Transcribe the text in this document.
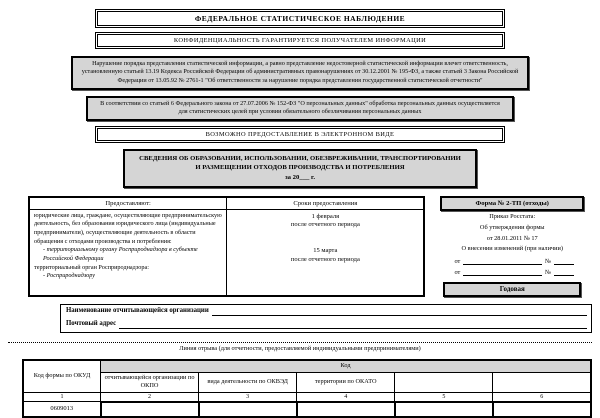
ФЕДЕРАЛЬНОЕ СТАТИСТИЧЕСКОЕ НАБЛЮДЕНИЕ
КОНФИДЕНЦИАЛЬНОСТЬ ГАРАНТИРУЕТСЯ ПОЛУЧАТЕЛЕМ ИНФОРМАЦИИ
Нарушение порядка представления статистической информации, а равно представление недостоверной статистической информации влечет ответственность, установленную статьей 13.19 Кодекса Российской Федерации об административных правонарушениях от 30.12.2001 № 195-ФЗ, а также статьей 3 Закона Российской Федерации от 13.05.92 № 2761-1 "Об ответственности за нарушение порядка представления государственной статистической отчетности"
В соответствии со статьей 6 Федерального закона от 27.07.2006 № 152-ФЗ "О персональных данных" обработка персональных данных осуществляется для статистических целей при условии обязательного обезличивания персональных данных
ВОЗМОЖНО ПРЕДОСТАВЛЕНИЕ В ЭЛЕКТРОННОМ ВИДЕ
СВЕДЕНИЯ ОБ ОБРАЗОВАНИИ, ИСПОЛЬЗОВАНИИ, ОБЕЗВРЕЖИВАНИИ, ТРАНСПОРТИРОВАНИИ
И РАЗМЕЩЕНИИ ОТХОДОВ ПРОИЗВОДСТВА И ПОТРЕБЛЕНИЯ
за 20___ г.
Предоставляют:	Сроки предоставления

юридические лица, граждане, осуществляющие предпринимательскую деятельность, без образования юридического лица (индивидуальные предприниматели), осуществляющие деятельность в области обращения с отходами производства и потребления:
- территориальному органу Росприроднадзора в субъекте Российской Федерации
территориальный орган Росприроднадзора:
- Росприроднадзору

1 февраля
после отчетного периода
15 марта
после отчетного периода
Форма № 2-ТП (отходы)
Приказ Росстата:
Об утверждении формы
от 28.01.2011 № 17
О внесении изменений (при наличии)
от	№
от	№
Годовая
Наименование отчитывающейся организации
Почтовый адрес
Линия отрыва (для отчетности, предоставляемой индивидуальными предпринимателями)
Код формы по ОКУД	Код				
	отчитывающейся организации по ОКПО	вида деятельности по ОКВЭД	территории по ОКАТО		
1	2	3	4	5	6
0609013					
